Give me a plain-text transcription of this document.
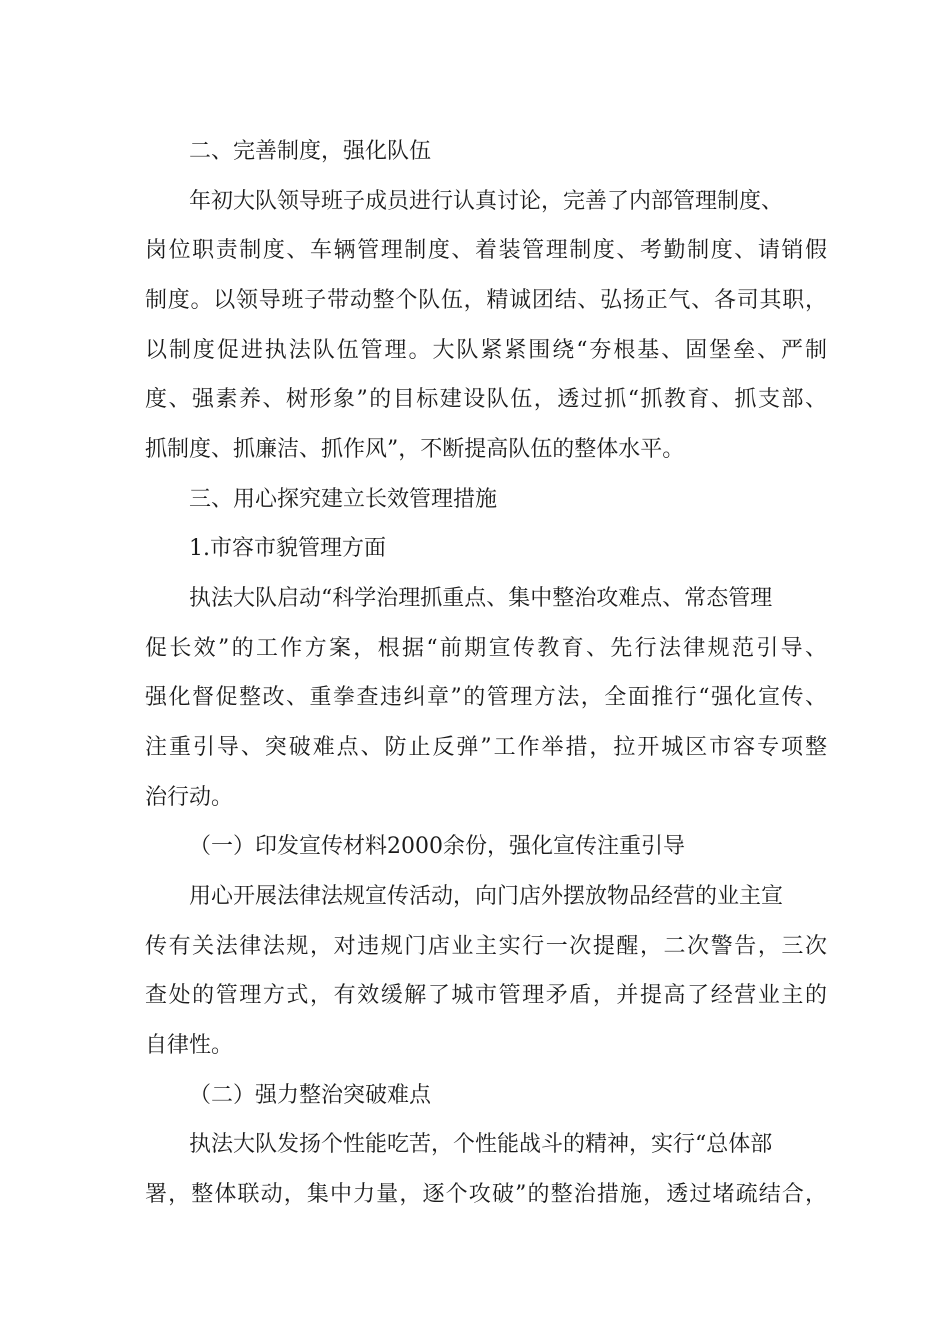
二、完善制度，强化队伍
年初大队领导班子成员进行认真讨论，完善了内部管理制度、
岗位职责制度、车辆管理制度、着装管理制度、考勤制度、请销假
制度。以领导班子带动整个队伍，精诚团结、弘扬正气、各司其职，
以制度促进执法队伍管理。大队紧紧围绕“夯根基、固堡垒、严制
度、强素养、树形象”的目标建设队伍，透过抓“抓教育、抓支部、
抓制度、抓廉洁、抓作风”，不断提高队伍的整体水平。
三、用心探究建立长效管理措施
1.市容市貌管理方面
执法大队启动“科学治理抓重点、集中整治攻难点、常态管理
促长效”的工作方案，根据“前期宣传教育、先行法律规范引导、
强化督促整改、重拳查违纠章”的管理方法，全面推行“强化宣传、
注重引导、突破难点、防止反弹”工作举措，拉开城区市容专项整
治行动。
（一）印发宣传材料2000余份，强化宣传注重引导
用心开展法律法规宣传活动，向门店外摆放物品经营的业主宣
传有关法律法规，对违规门店业主实行一次提醒，二次警告，三次
查处的管理方式，有效缓解了城市管理矛盾，并提高了经营业主的
自律性。
（二）强力整治突破难点
执法大队发扬个性能吃苦，个性能战斗的精神，实行“总体部
署，整体联动，集中力量，逐个攻破”的整治措施，透过堵疏结合，
